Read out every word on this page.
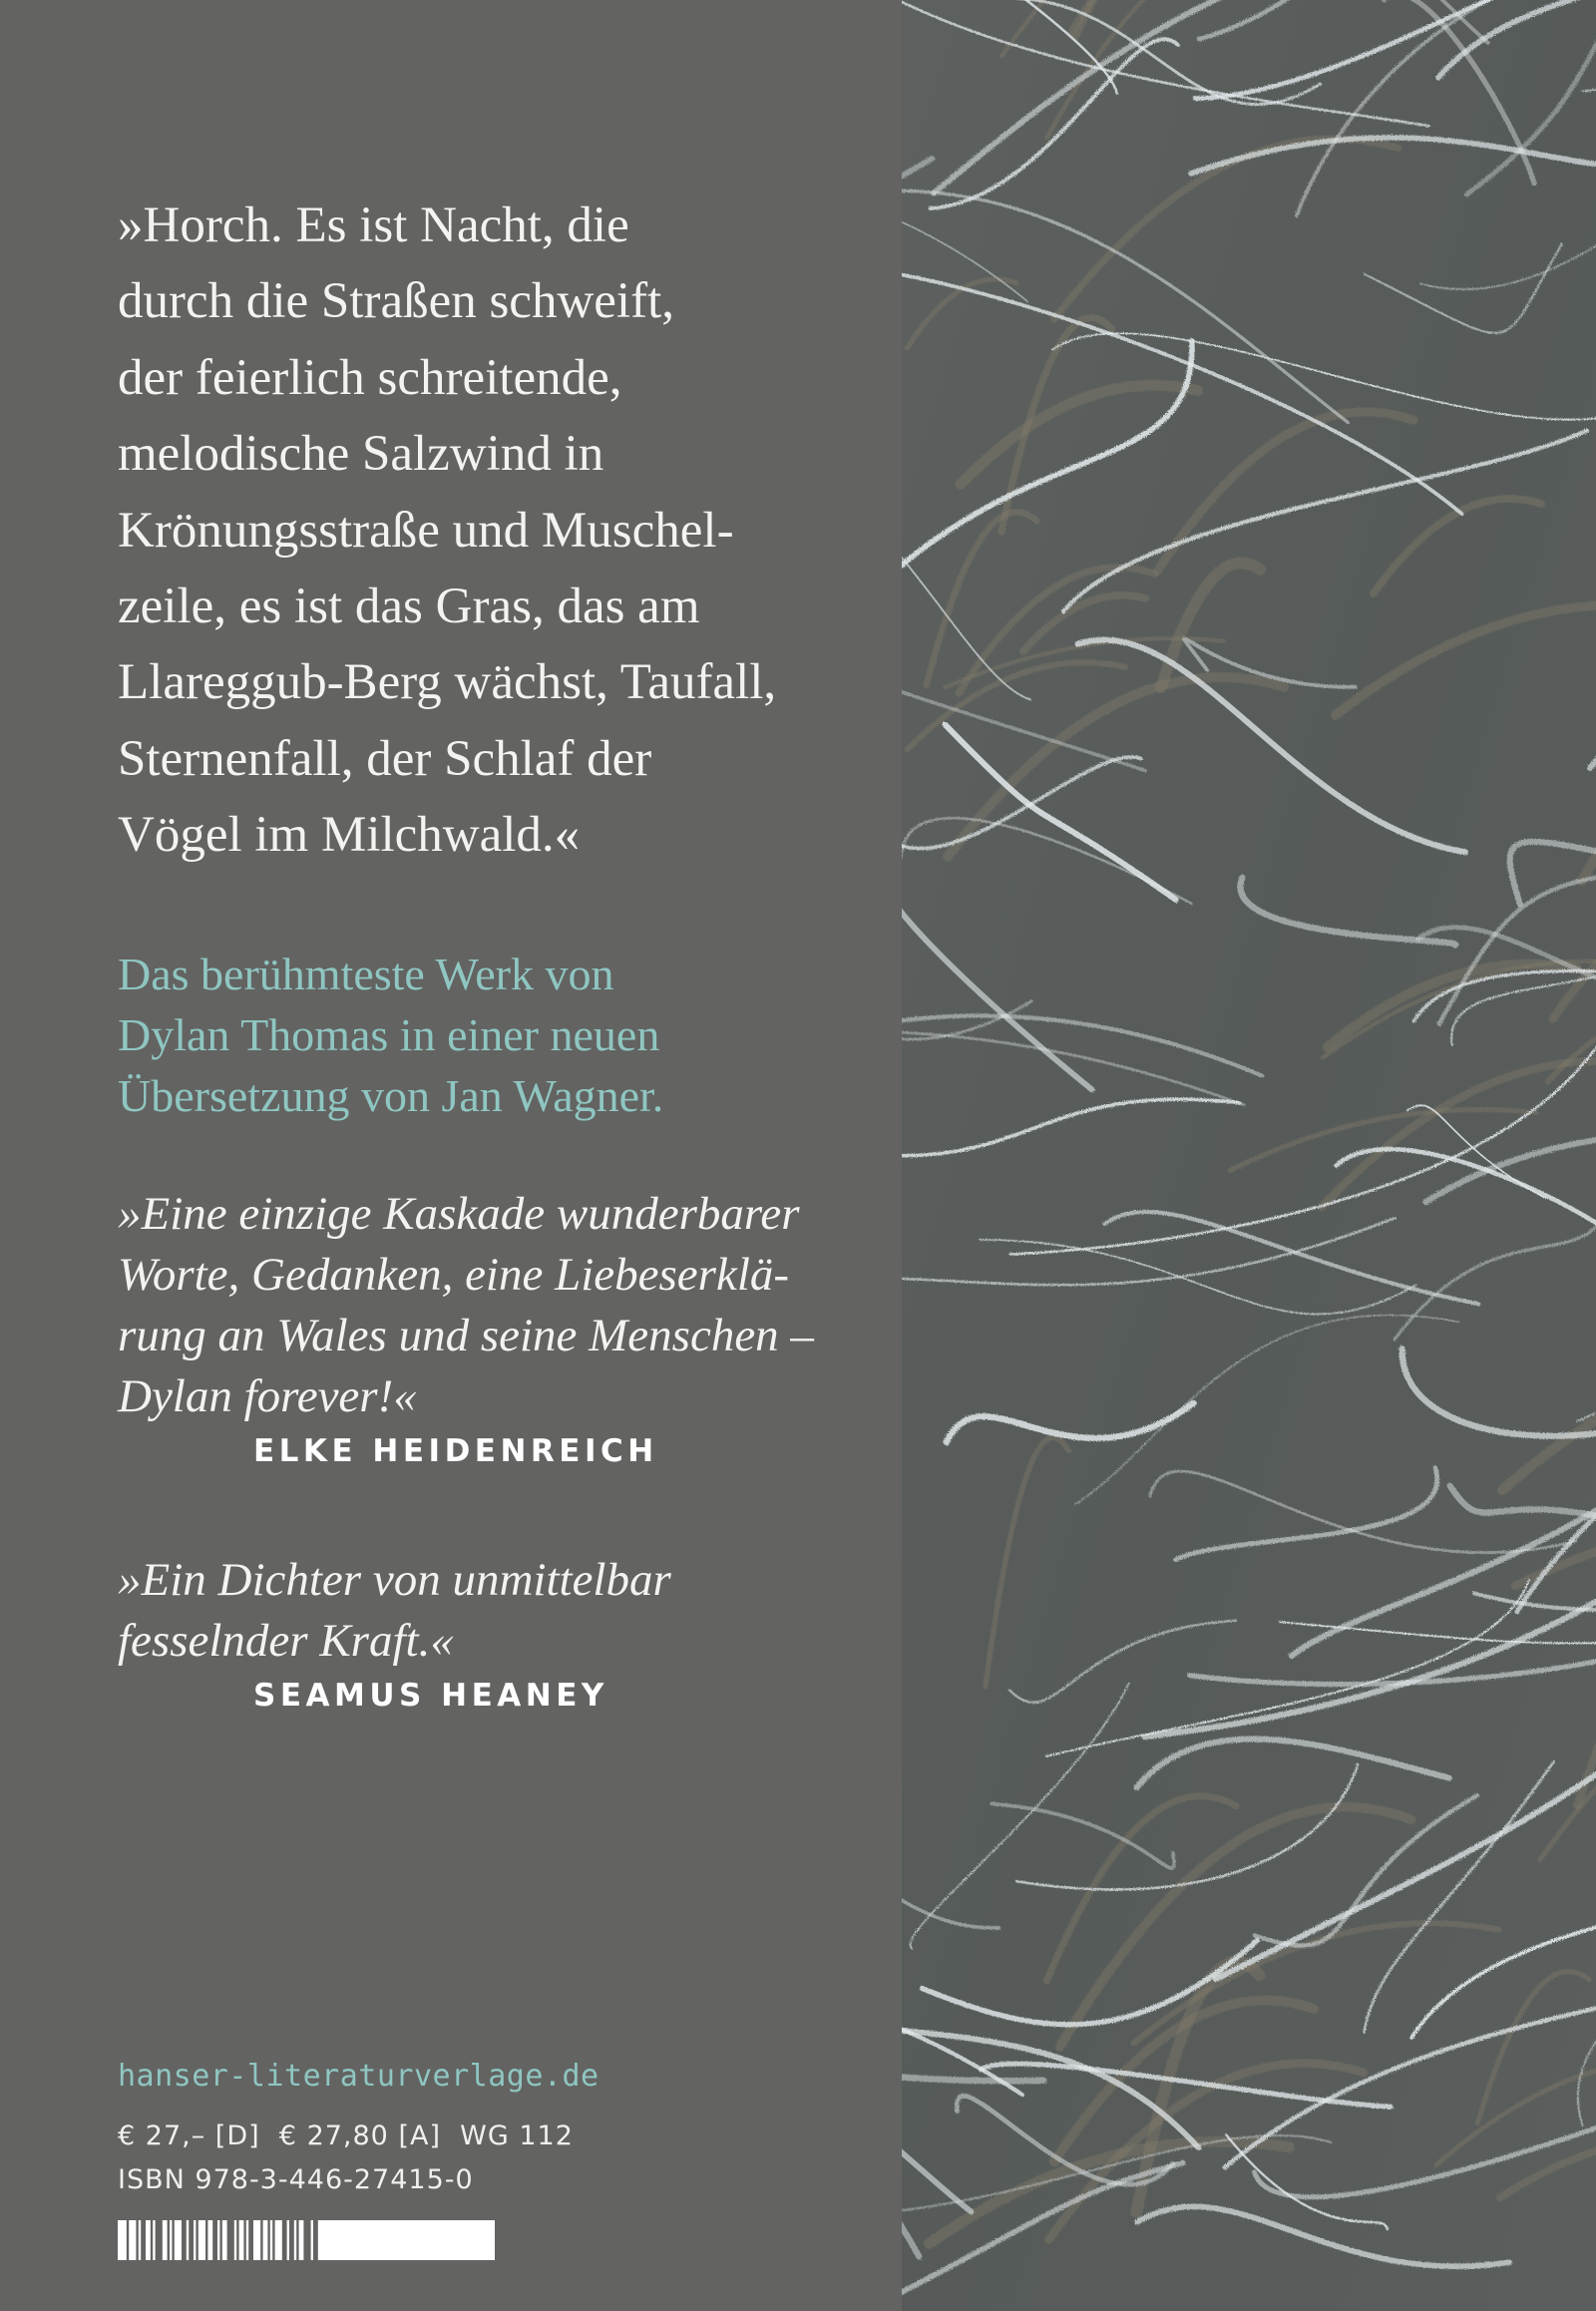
»Horch. Es ist Nacht, die
durch die Straßen schweift,
der feierlich schreitende,
melodische Salzwind in
Krönungsstraße und Muschel-
zeile, es ist das Gras, das am
Llareggub-Berg wächst, Taufall,
Sternenfall, der Schlaf der
Vögel im Milchwald.«

Das berühmteste Werk von
Dylan Thomas in einer neuen
Übersetzung von Jan Wagner.

»Eine einzige Kaskade wunderbarer
Worte, Gedanken, eine Liebeserklä-
rung an Wales und seine Menschen –
Dylan forever!«

ELKE HEIDENREICH

»Ein Dichter von unmittelbar
fesselnder Kraft.«

SEAMUS HEANEY
hanser-literaturverlage.de
€ 27,– [D]  € 27,80 [A]  WG 112
ISBN 978-3-446-27415-0
